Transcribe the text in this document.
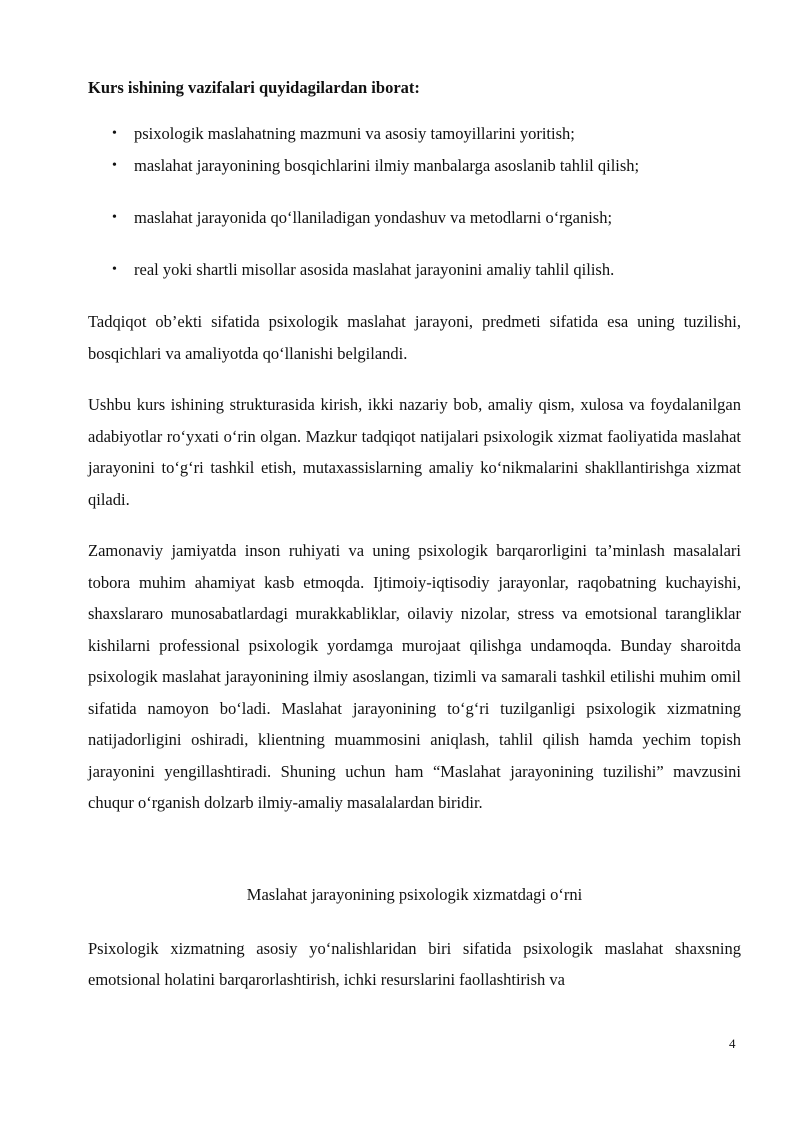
Kurs ishining vazifalari quyidagilardan iborat:

• psixologik maslahatning mazmuni va asosiy tamoyillarini yoritish;
• maslahat jarayonining bosqichlarini ilmiy manbalarga asoslanib tahlil qilish;
• maslahat jarayonida qo‘llaniladigan yondashuv va metodlarni o‘rganish;
• real yoki shartli misollar asosida maslahat jarayonini amaliy tahlil qilish.

Tadqiqot ob’ekti sifatida psixologik maslahat jarayoni, predmeti sifatida esa uning tuzilishi, bosqichlari va amaliyotda qo‘llanishi belgilandi.

Ushbu kurs ishining strukturasida kirish, ikki nazariy bob, amaliy qism, xulosa va foydalanilgan adabiyotlar ro‘yxati o‘rin olgan. Mazkur tadqiqot natijalari psixologik xizmat faoliyatida maslahat jarayonini to‘g‘ri tashkil etish, mutaxassislarning amaliy ko‘nikmalarini shakllantirishga xizmat qiladi.

Zamonaviy jamiyatda inson ruhiyati va uning psixologik barqarorligini ta’minlash masalalari tobora muhim ahamiyat kasb etmoqda. Ijtimoiy-iqtisodiy jarayonlar, raqobatning kuchayishi, shaxslararo munosabatlardagi murakkabliklar, oilaviy nizolar, stress va emotsional tarangliklar kishilarni professional psixologik yordamga murojaat qilishga undamoqda. Bunday sharoitda psixologik maslahat jarayonining ilmiy asoslangan, tizimli va samarali tashkil etilishi muhim omil sifatida namoyon bo‘ladi. Maslahat jarayonining to‘g‘ri tuzilganligi psixologik xizmatning natijadorligini oshiradi, klientning muammosini aniqlash, tahlil qilish hamda yechim topish jarayonini yengillashtiradi. Shuning uchun ham “Maslahat jarayonining tuzilishi” mavzusini chuqur o‘rganish dolzarb ilmiy-amaliy masalalardan biridir.

Maslahat jarayonining psixologik xizmatdagi o‘rni

Psixologik xizmatning asosiy yo‘nalishlaridan biri sifatida psixologik maslahat shaxsning emotsional holatini barqarorlashtirish, ichki resurslarini faollashtirish va

4
